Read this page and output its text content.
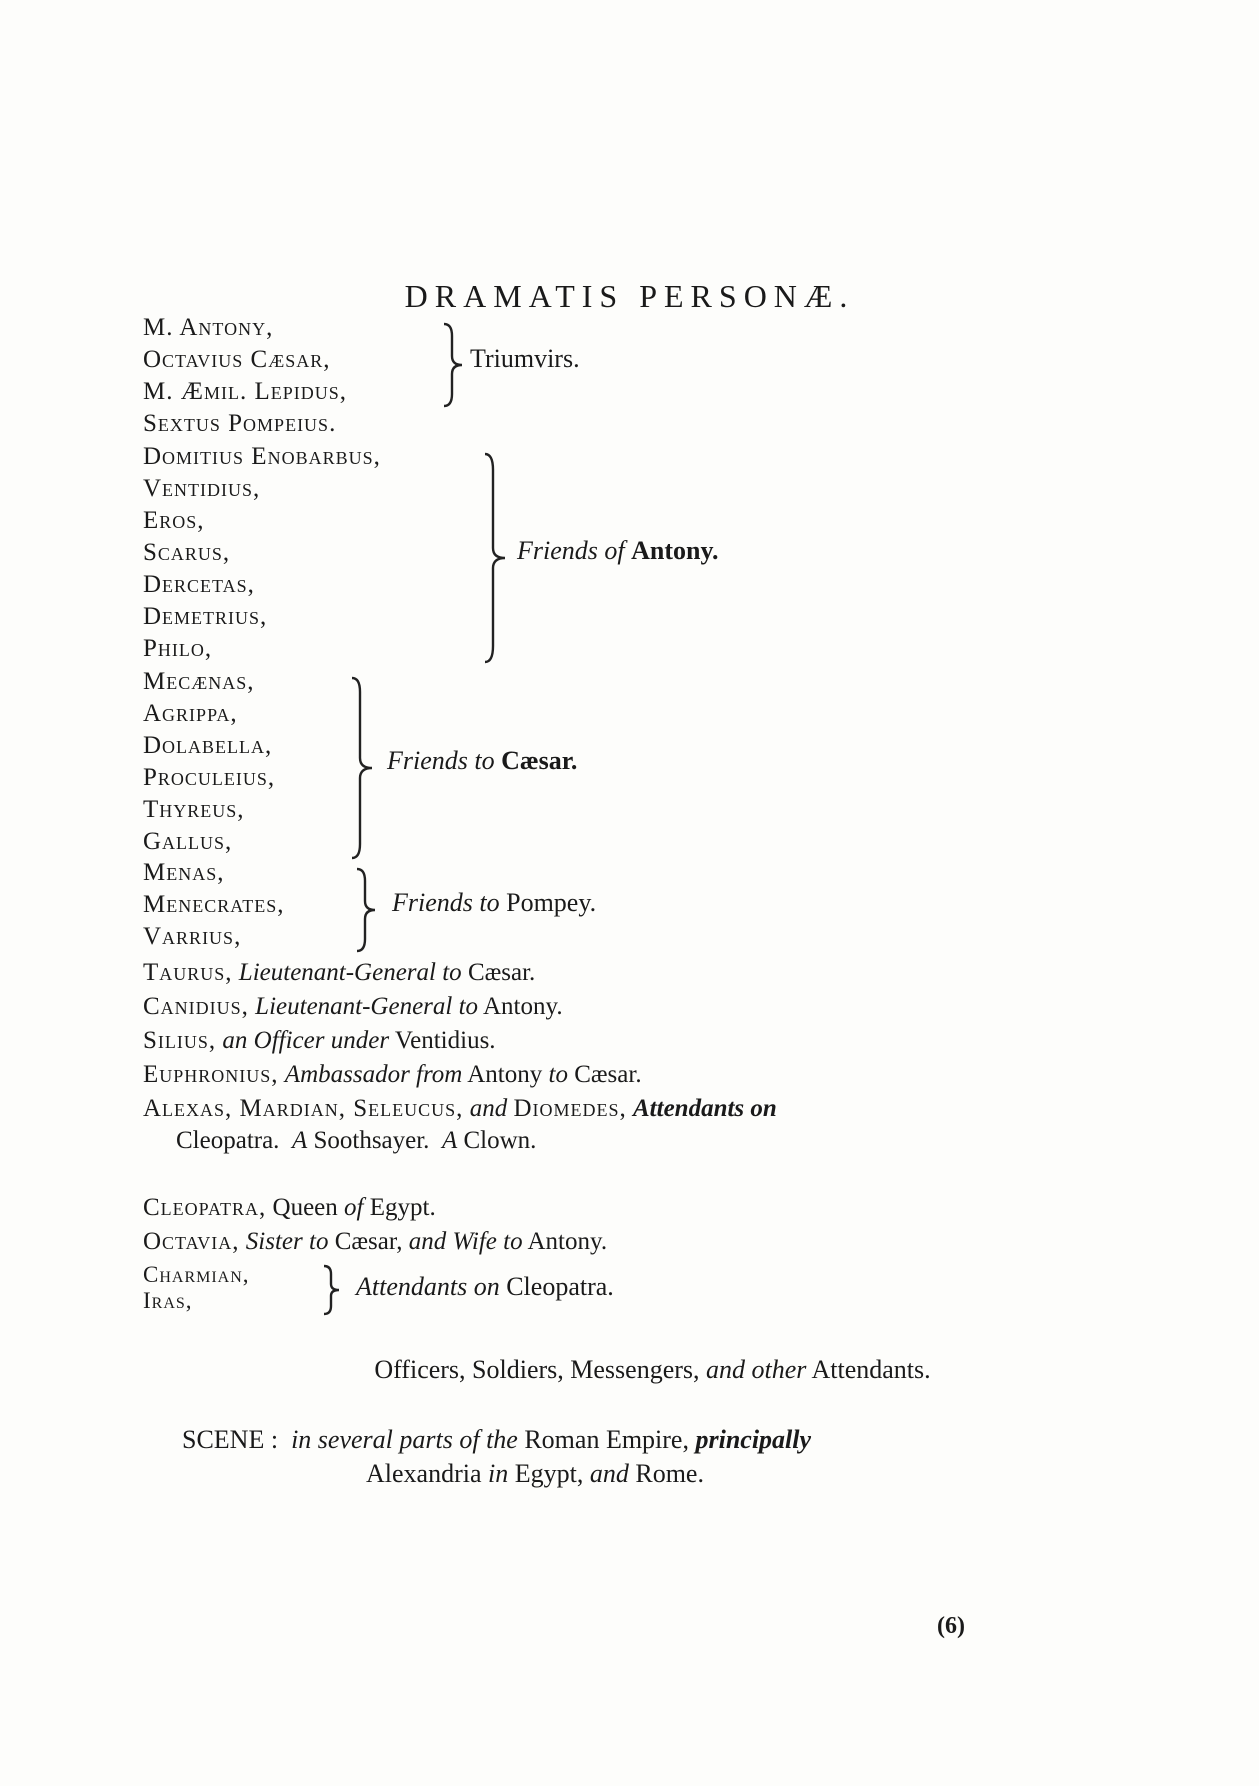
DRAMATIS PERSONÆ.
M. Antony,
Octavius Cæsar,
M. Æmil. Lepidus,
Triumvirs.
Sextus Pompeius.
Domitius Enobarbus,
Ventidius,
Eros,
Scarus,
Dercetas,
Demetrius,
Philo,
Friends of Antony.
Mecænas,
Agrippa,
Dolabella,
Proculeius,
Thyreus,
Gallus,
Friends to Cæsar.
Menas,
Menecrates,
Varrius,
Friends to Pompey.
Taurus, Lieutenant-General to Cæsar.
Canidius, Lieutenant-General to Antony.
Silius, an Officer under Ventidius.
Euphronius, Ambassador from Antony to Cæsar.
Alexas, Mardian, Seleucus, and Diomedes, Attendants on
Cleopatra. A Soothsayer. A Clown.
Cleopatra, Queen of Egypt.
Octavia, Sister to Cæsar, and Wife to Antony.
Charmian,
Iras,	Attendants on Cleopatra.
Officers, Soldiers, Messengers, and other Attendants.
SCENE : in several parts of the Roman Empire, principally
Alexandria in Egypt, and Rome.
(6)
